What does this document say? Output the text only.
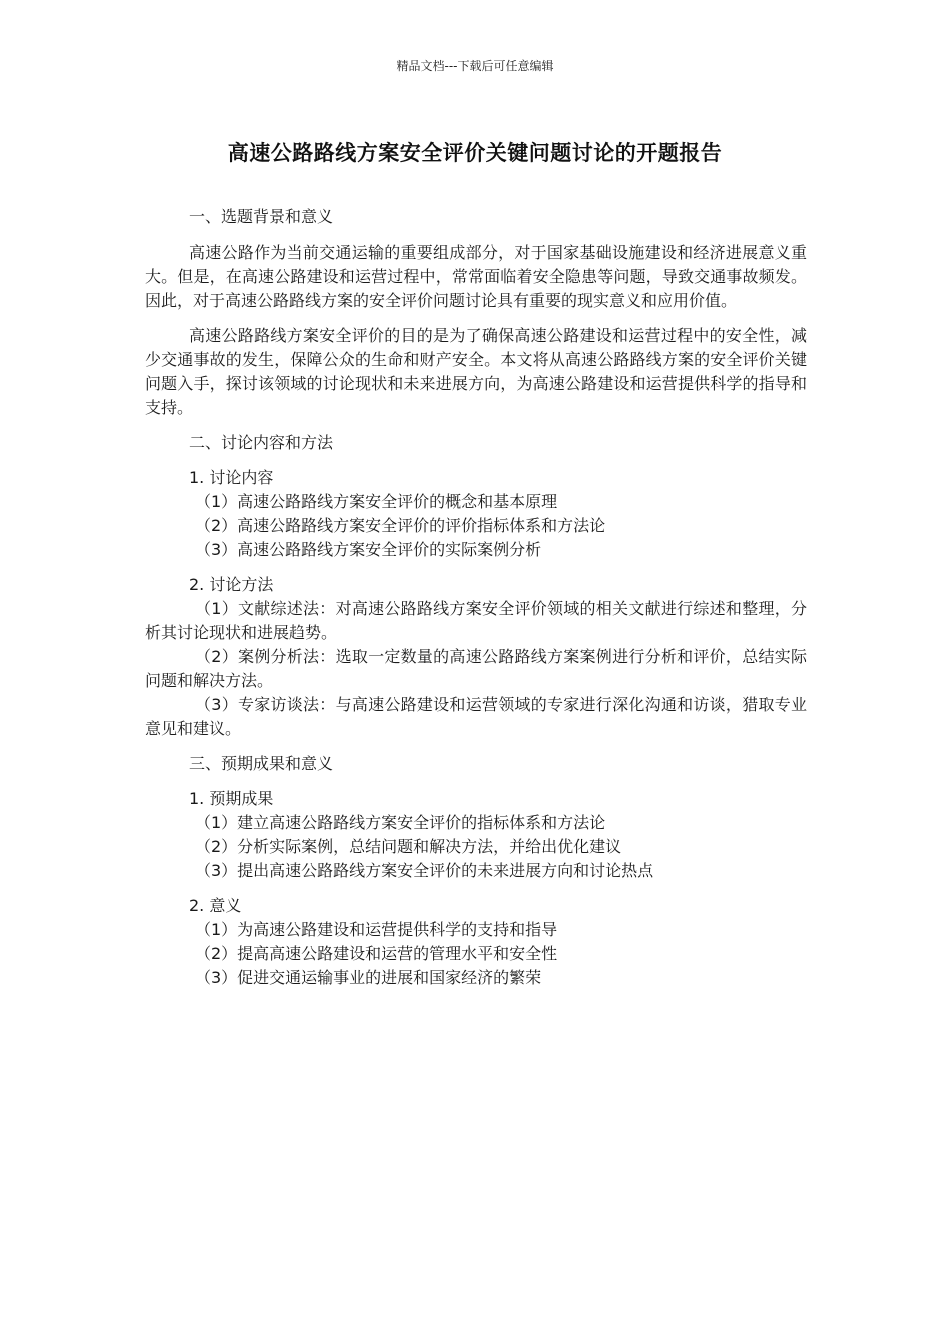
精品文档---下载后可任意编辑
高速公路路线方案安全评价关键问题讨论的开题报告

一、选题背景和意义

高速公路作为当前交通运输的重要组成部分，对于国家基础设施建设和经济进展意义重大。但是，在高速公路建设和运营过程中，常常面临着安全隐患等问题，导致交通事故频发。因此，对于高速公路路线方案的安全评价问题讨论具有重要的现实意义和应用价值。

高速公路路线方案安全评价的目的是为了确保高速公路建设和运营过程中的安全性，减少交通事故的发生，保障公众的生命和财产安全。本文将从高速公路路线方案的安全评价关键问题入手，探讨该领域的讨论现状和未来进展方向，为高速公路建设和运营提供科学的指导和支持。

二、讨论内容和方法

1. 讨论内容

（1）高速公路路线方案安全评价的概念和基本原理

（2）高速公路路线方案安全评价的评价指标体系和方法论

（3）高速公路路线方案安全评价的实际案例分析

2. 讨论方法

（1）文献综述法：对高速公路路线方案安全评价领域的相关文献进行综述和整理，分析其讨论现状和进展趋势。

（2）案例分析法：选取一定数量的高速公路路线方案案例进行分析和评价，总结实际问题和解决方法。

（3）专家访谈法：与高速公路建设和运营领域的专家进行深化沟通和访谈，猎取专业意见和建议。

三、预期成果和意义

1. 预期成果

（1）建立高速公路路线方案安全评价的指标体系和方法论

（2）分析实际案例，总结问题和解决方法，并给出优化建议

（3）提出高速公路路线方案安全评价的未来进展方向和讨论热点

2. 意义

（1）为高速公路建设和运营提供科学的支持和指导

（2）提高高速公路建设和运营的管理水平和安全性

（3）促进交通运输事业的进展和国家经济的繁荣
